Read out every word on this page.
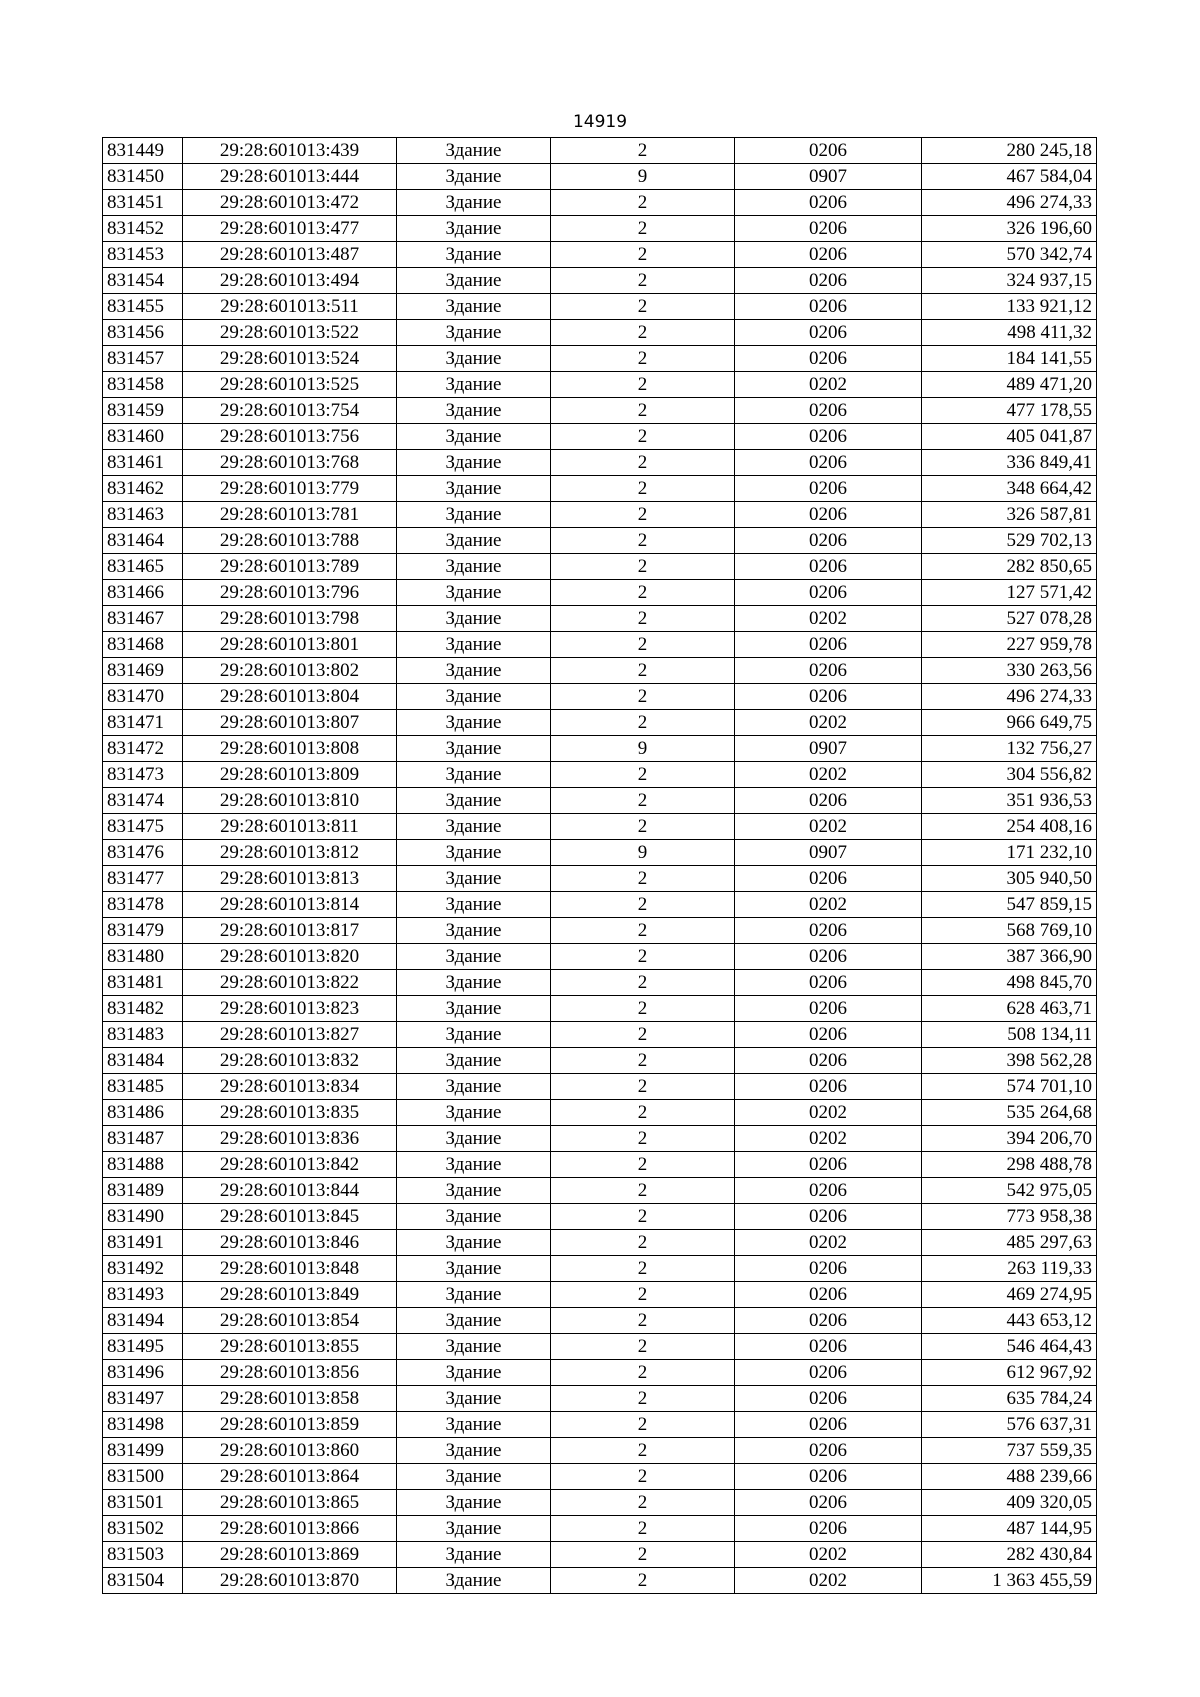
14919
831449	29:28:601013:439	Здание	2	0206	280 245,18
831450	29:28:601013:444	Здание	9	0907	467 584,04
831451	29:28:601013:472	Здание	2	0206	496 274,33
831452	29:28:601013:477	Здание	2	0206	326 196,60
831453	29:28:601013:487	Здание	2	0206	570 342,74
831454	29:28:601013:494	Здание	2	0206	324 937,15
831455	29:28:601013:511	Здание	2	0206	133 921,12
831456	29:28:601013:522	Здание	2	0206	498 411,32
831457	29:28:601013:524	Здание	2	0206	184 141,55
831458	29:28:601013:525	Здание	2	0202	489 471,20
831459	29:28:601013:754	Здание	2	0206	477 178,55
831460	29:28:601013:756	Здание	2	0206	405 041,87
831461	29:28:601013:768	Здание	2	0206	336 849,41
831462	29:28:601013:779	Здание	2	0206	348 664,42
831463	29:28:601013:781	Здание	2	0206	326 587,81
831464	29:28:601013:788	Здание	2	0206	529 702,13
831465	29:28:601013:789	Здание	2	0206	282 850,65
831466	29:28:601013:796	Здание	2	0206	127 571,42
831467	29:28:601013:798	Здание	2	0202	527 078,28
831468	29:28:601013:801	Здание	2	0206	227 959,78
831469	29:28:601013:802	Здание	2	0206	330 263,56
831470	29:28:601013:804	Здание	2	0206	496 274,33
831471	29:28:601013:807	Здание	2	0202	966 649,75
831472	29:28:601013:808	Здание	9	0907	132 756,27
831473	29:28:601013:809	Здание	2	0202	304 556,82
831474	29:28:601013:810	Здание	2	0206	351 936,53
831475	29:28:601013:811	Здание	2	0202	254 408,16
831476	29:28:601013:812	Здание	9	0907	171 232,10
831477	29:28:601013:813	Здание	2	0206	305 940,50
831478	29:28:601013:814	Здание	2	0202	547 859,15
831479	29:28:601013:817	Здание	2	0206	568 769,10
831480	29:28:601013:820	Здание	2	0206	387 366,90
831481	29:28:601013:822	Здание	2	0206	498 845,70
831482	29:28:601013:823	Здание	2	0206	628 463,71
831483	29:28:601013:827	Здание	2	0206	508 134,11
831484	29:28:601013:832	Здание	2	0206	398 562,28
831485	29:28:601013:834	Здание	2	0206	574 701,10
831486	29:28:601013:835	Здание	2	0202	535 264,68
831487	29:28:601013:836	Здание	2	0202	394 206,70
831488	29:28:601013:842	Здание	2	0206	298 488,78
831489	29:28:601013:844	Здание	2	0206	542 975,05
831490	29:28:601013:845	Здание	2	0206	773 958,38
831491	29:28:601013:846	Здание	2	0202	485 297,63
831492	29:28:601013:848	Здание	2	0206	263 119,33
831493	29:28:601013:849	Здание	2	0206	469 274,95
831494	29:28:601013:854	Здание	2	0206	443 653,12
831495	29:28:601013:855	Здание	2	0206	546 464,43
831496	29:28:601013:856	Здание	2	0206	612 967,92
831497	29:28:601013:858	Здание	2	0206	635 784,24
831498	29:28:601013:859	Здание	2	0206	576 637,31
831499	29:28:601013:860	Здание	2	0206	737 559,35
831500	29:28:601013:864	Здание	2	0206	488 239,66
831501	29:28:601013:865	Здание	2	0206	409 320,05
831502	29:28:601013:866	Здание	2	0206	487 144,95
831503	29:28:601013:869	Здание	2	0202	282 430,84
831504	29:28:601013:870	Здание	2	0202	1 363 455,59
